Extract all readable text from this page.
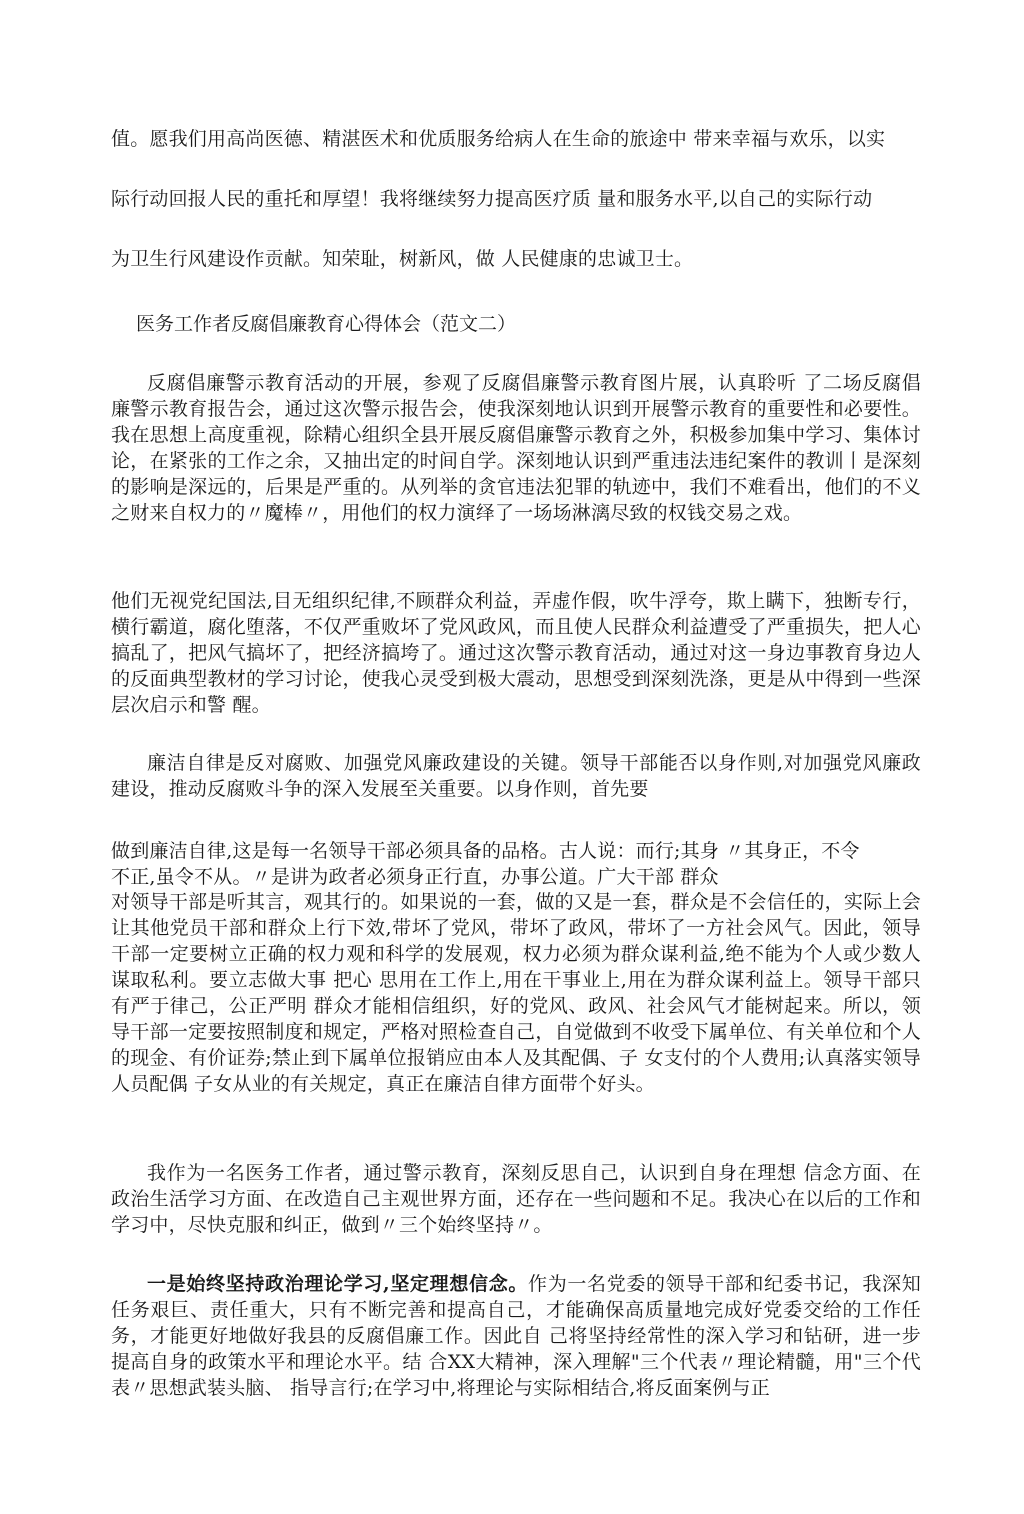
值。愿我们用高尚医德、精湛医术和优质服务给病人在生命的旅途中 带来幸福与欢乐，以实

际行动回报人民的重托和厚望！我将继续努力提高医疗质 量和服务水平,以自己的实际行动

为卫生行风建设作贡献。知荣耻，树新风，做 人民健康的忠诚卫士。

医务工作者反腐倡廉教育心得体会（范文二）

反腐倡廉警示教育活动的开展，参观了反腐倡廉警示教育图片展，认真聆听 了二场反腐倡廉警示教育报告会，通过这次警示报告会，使我深刻地认识到开展警示教育的重要性和必要性。我在思想上高度重视，除精心组织全县开展反腐倡廉警示教育之外，积极参加集中学习、集体讨论，在紧张的工作之余，又抽出定的时间自学。深刻地认识到严重违法违纪案件的教训丨是深刻的影响是深远的，后果是严重的。从列举的贪官违法犯罪的轨迹中，我们不难看出，他们的不义之财来自权力的〃魔棒〃，用他们的权力演绎了一场场淋漓尽致的权钱交易之戏。

他们无视党纪国法,目无组织纪律,不顾群众利益，弄虚作假，吹牛浮夸，欺上瞒下，独断专行，横行霸道，腐化堕落，不仅严重败坏了党风政风，而且使人民群众利益遭受了严重损失，把人心搞乱了，把风气搞坏了，把经济搞垮了。通过这次警示教育活动，通过对这一身边事教育身边人的反面典型教材的学习讨论，使我心灵受到极大震动，思想受到深刻洗涤，更是从中得到一些深层次启示和警 醒。

廉洁自律是反对腐败、加强党风廉政建设的关键。领导干部能否以身作则,对加强党风廉政建设，推动反腐败斗争的深入发展至关重要。以身作则，首先要

做到廉洁自律,这是每一名领导干部必须具备的品格。古人说：而行;其身 〃其身正，不令

不正,虽令不从。〃是讲为政者必须身正行直，办事公道。广大干部 群众

对领导干部是听其言，观其行的。如果说的一套，做的又是一套，群众是不会信任的，实际上会让其他党员干部和群众上行下效,带坏了党风，带坏了政风，带坏了一方社会风气。因此，领导干部一定要树立正确的权力观和科学的发展观，权力必须为群众谋利益,绝不能为个人或少数人谋取私利。要立志做大事 把心 思用在工作上,用在干事业上,用在为群众谋利益上。领导干部只有严于律己，公正严明 群众才能相信组织，好的党风、政风、社会风气才能树起来。所以，领导干部一定要按照制度和规定，严格对照检查自己，自觉做到不收受下属单位、有关单位和个人的现金、有价证券;禁止到下属单位报销应由本人及其配偶、子 女支付的个人费用;认真落实领导人员配偶 子女从业的有关规定，真正在廉洁自律方面带个好头。

我作为一名医务工作者，通过警示教育，深刻反思自己，认识到自身在理想 信念方面、在政治生活学习方面、在改造自己主观世界方面，还存在一些问题和不足。我决心在以后的工作和学习中，尽快克服和纠正，做到〃三个始终坚持〃。

一是始终坚持政治理论学习,坚定理想信念。作为一名党委的领导干部和纪委书记，我深知任务艰巨、责任重大，只有不断完善和提高自己，才能确保高质量地完成好党委交给的工作任务，才能更好地做好我县的反腐倡廉工作。因此自 己将坚持经常性的深入学习和钻研，进一步提高自身的政策水平和理论水平。结 合XX大精神，深入理解"三个代表〃理论精髓，用"三个代表〃思想武装头脑、 指导言行;在学习中,将理论与实际相结合,将反面案例与正
